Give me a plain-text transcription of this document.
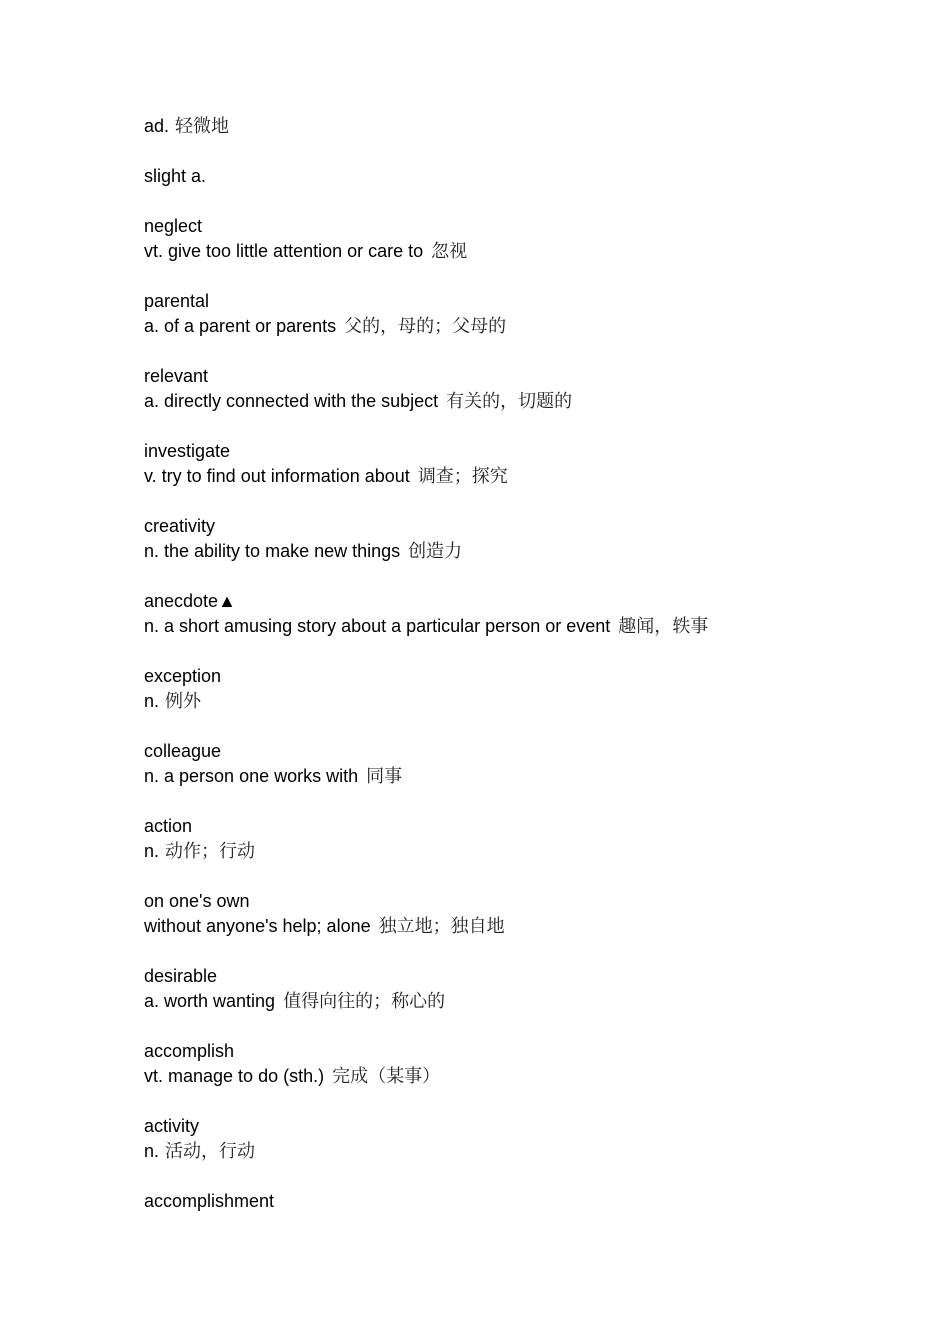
ad. 轻微地
slight a.
neglect
vt. give too little attention or care to 忽视
parental
a. of a parent or parents 父的，母的；父母的
relevant
a. directly connected with the subject 有关的，切题的
investigate
v. try to find out information about 调查；探究
creativity
n. the ability to make new things 创造力
anecdote▲
n. a short amusing story about a particular person or event 趣闻，轶事
exception
n. 例外
colleague
n. a person one works with 同事
action
n. 动作；行动
on one's own
without anyone's help; alone 独立地；独自地
desirable
a. worth wanting 值得向往的；称心的
accomplish
vt. manage to do (sth.) 完成（某事）
activity
n. 活动，行动
accomplishment
